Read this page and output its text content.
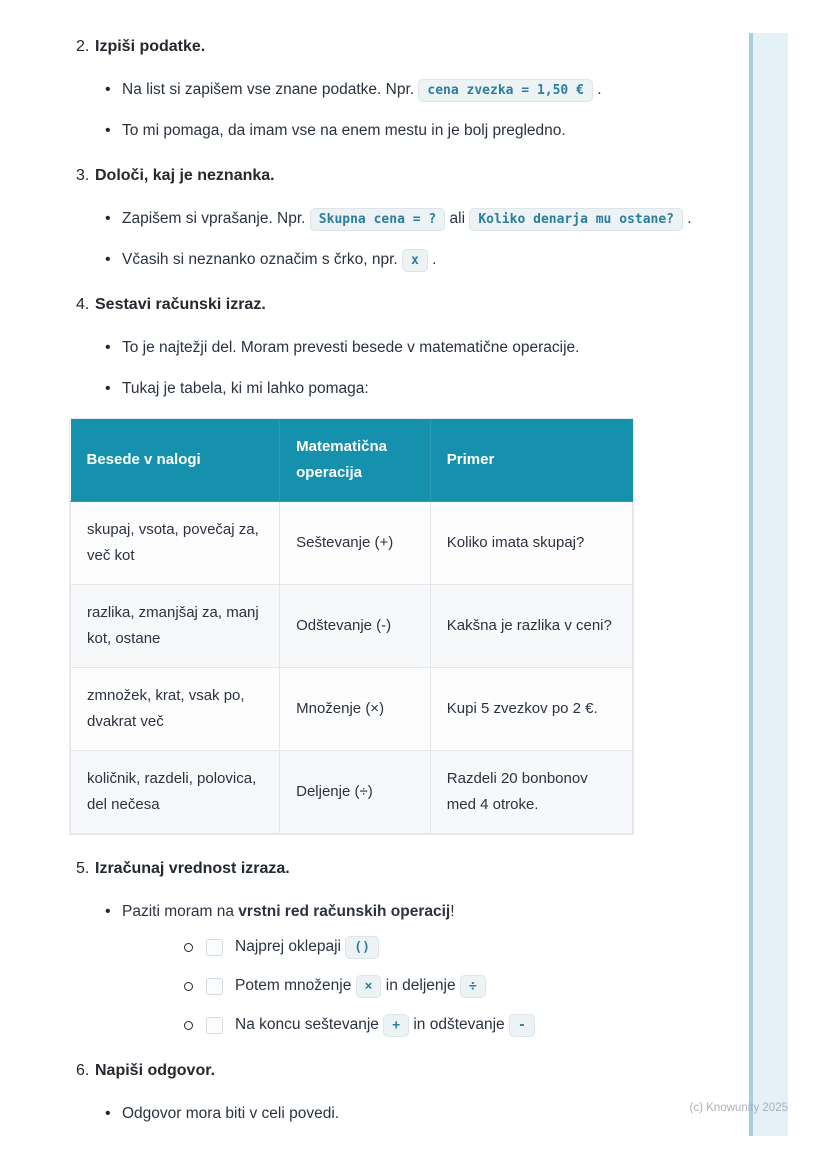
2. Izpiši podatke.
• Na list si zapišem vse znane podatke. Npr. cena zvezka = 1,50 € .
• To mi pomaga, da imam vse na enem mestu in je bolj pregledno.
3. Določi, kaj je neznanka.
• Zapišem si vprašanje. Npr. Skupna cena = ? ali Koliko denarja mu ostane? .
• Včasih si neznanko označim s črko, npr. x .
4. Sestavi računski izraz.
• To je najtežji del. Moram prevesti besede v matematične operacije.
• Tukaj je tabela, ki mi lahko pomaga:
Besede v nalogi	Matematična operacija	Primer
skupaj, vsota, povečaj za, več kot	Seštevanje (+)	Koliko imata skupaj?
razlika, zmanjšaj za, manj kot, ostane	Odštevanje (-)	Kakšna je razlika v ceni?
zmnožek, krat, vsak po, dvakrat več	Množenje (×)	Kupi 5 zvezkov po 2 €.
količnik, razdeli, polovica, del nečesa	Deljenje (÷)	Razdeli 20 bonbonov med 4 otroke.
5. Izračunaj vrednost izraza.
• Paziti moram na vrstni red računskih operacij!
Najprej oklepaji ()
Potem množenje × in deljenje ÷
Na koncu seštevanje + in odštevanje -
6. Napiši odgovor.
• Odgovor mora biti v celi povedi.	(c) Knowunity 2025
